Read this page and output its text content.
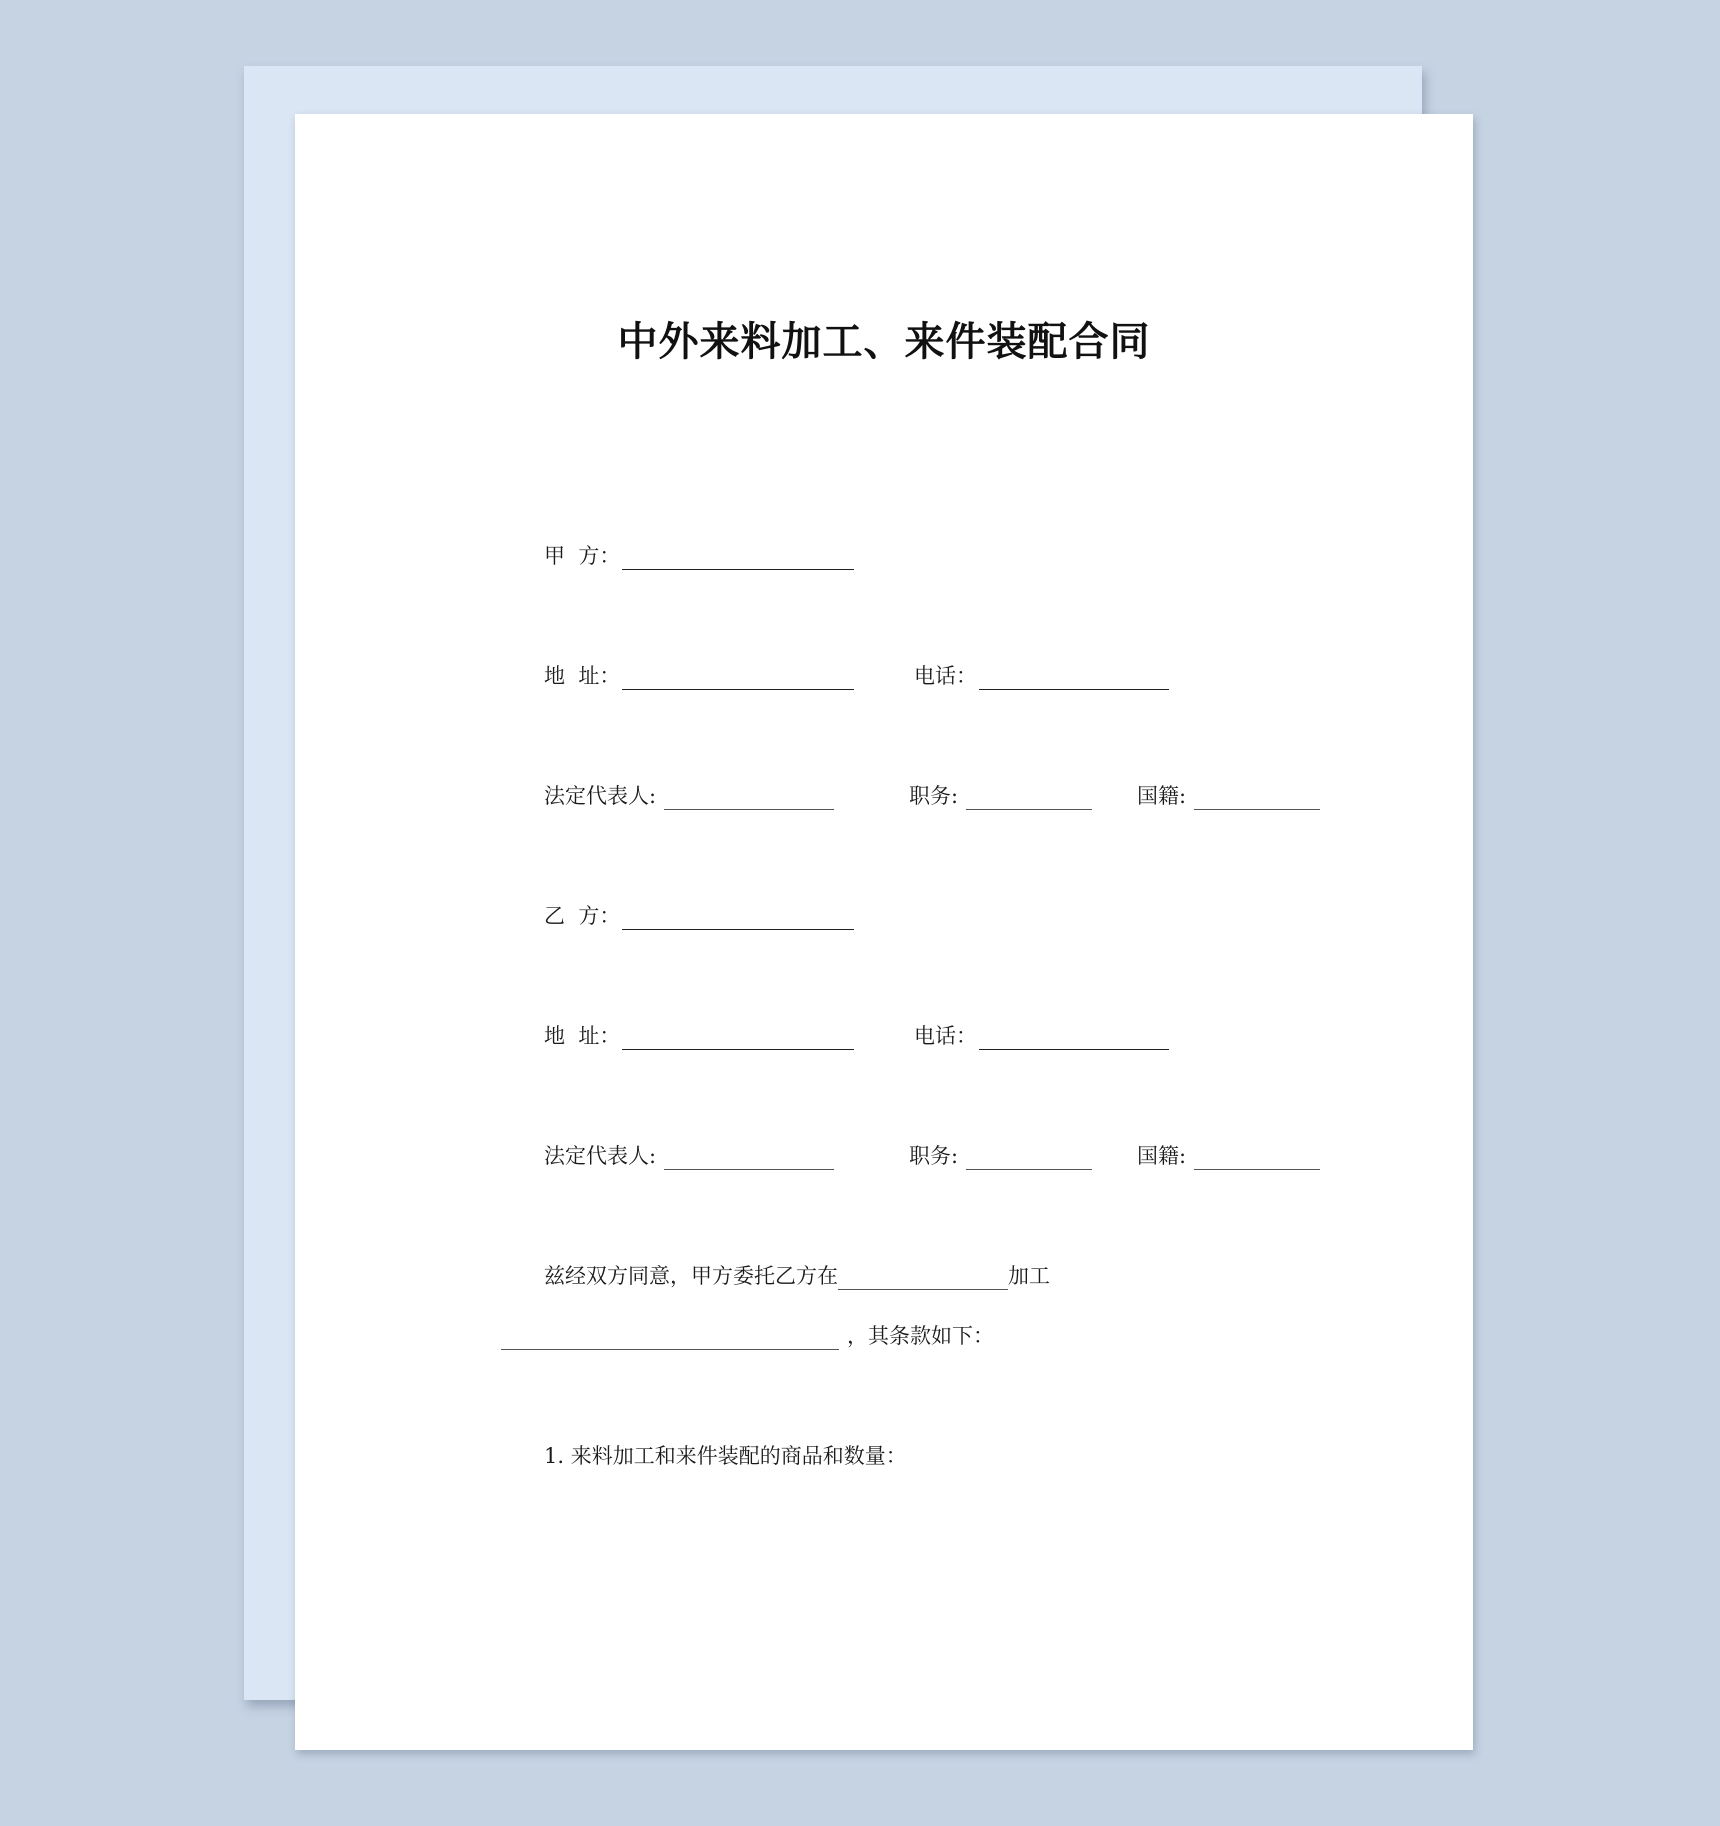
中外来料加工、来件装配合同
甲  方：
地  址：	电话：
法定代表人:	职务:	国籍:
乙  方：
地  址：	电话：
法定代表人:	职务:	国籍:
兹经双方同意，甲方委托乙方在	加工
，其条款如下：
1. 来料加工和来件装配的商品和数量：
